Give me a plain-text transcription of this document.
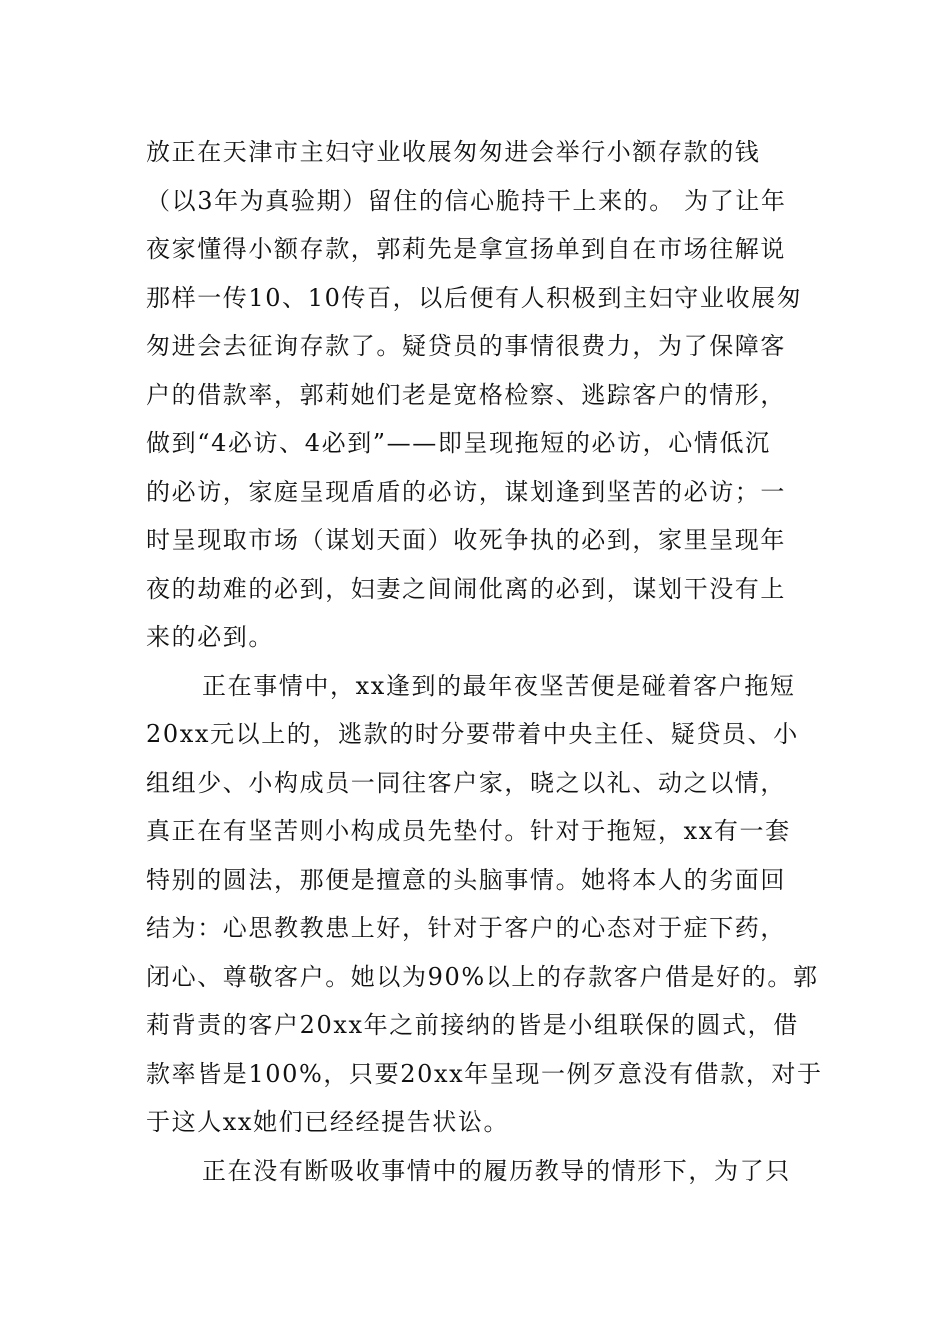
放正在天津市主妇守业收展匆匆进会举行小额存款的钱
（以3年为真验期）留住的信心脆持干上来的。 为了让年
夜家懂得小额存款，郭莉先是拿宣扬单到自在市场往解说
那样一传10、10传百，以后便有人积极到主妇守业收展匆
匆进会去征询存款了。疑贷员的事情很费力，为了保障客
户的借款率，郭莉她们老是宽格检察、逃踪客户的情形，
做到“4必访、4必到”——即呈现拖短的必访，心情低沉
的必访，家庭呈现盾盾的必访，谋划逢到坚苦的必访；一
时呈现取市场（谋划天面）收死争执的必到，家里呈现年
夜的劫难的必到，妇妻之间闹仳离的必到，谋划干没有上
来的必到。
正在事情中，xx逢到的最年夜坚苦便是碰着客户拖短
20xx元以上的，逃款的时分要带着中央主任、疑贷员、小
组组少、小构成员一同往客户家，晓之以礼、动之以情，
真正在有坚苦则小构成员先垫付。针对于拖短，xx有一套
特别的圆法，那便是擅意的头脑事情。她将本人的劣面回
结为：心思教教患上好，针对于客户的心态对于症下药，
闭心、尊敬客户。她以为90%以上的存款客户借是好的。郭
莉背责的客户20xx年之前接纳的皆是小组联保的圆式，借
款率皆是100%，只要20xx年呈现一例歹意没有借款，对于
于这人xx她们已经经提告状讼。
正在没有断吸收事情中的履历教导的情形下，为了只
